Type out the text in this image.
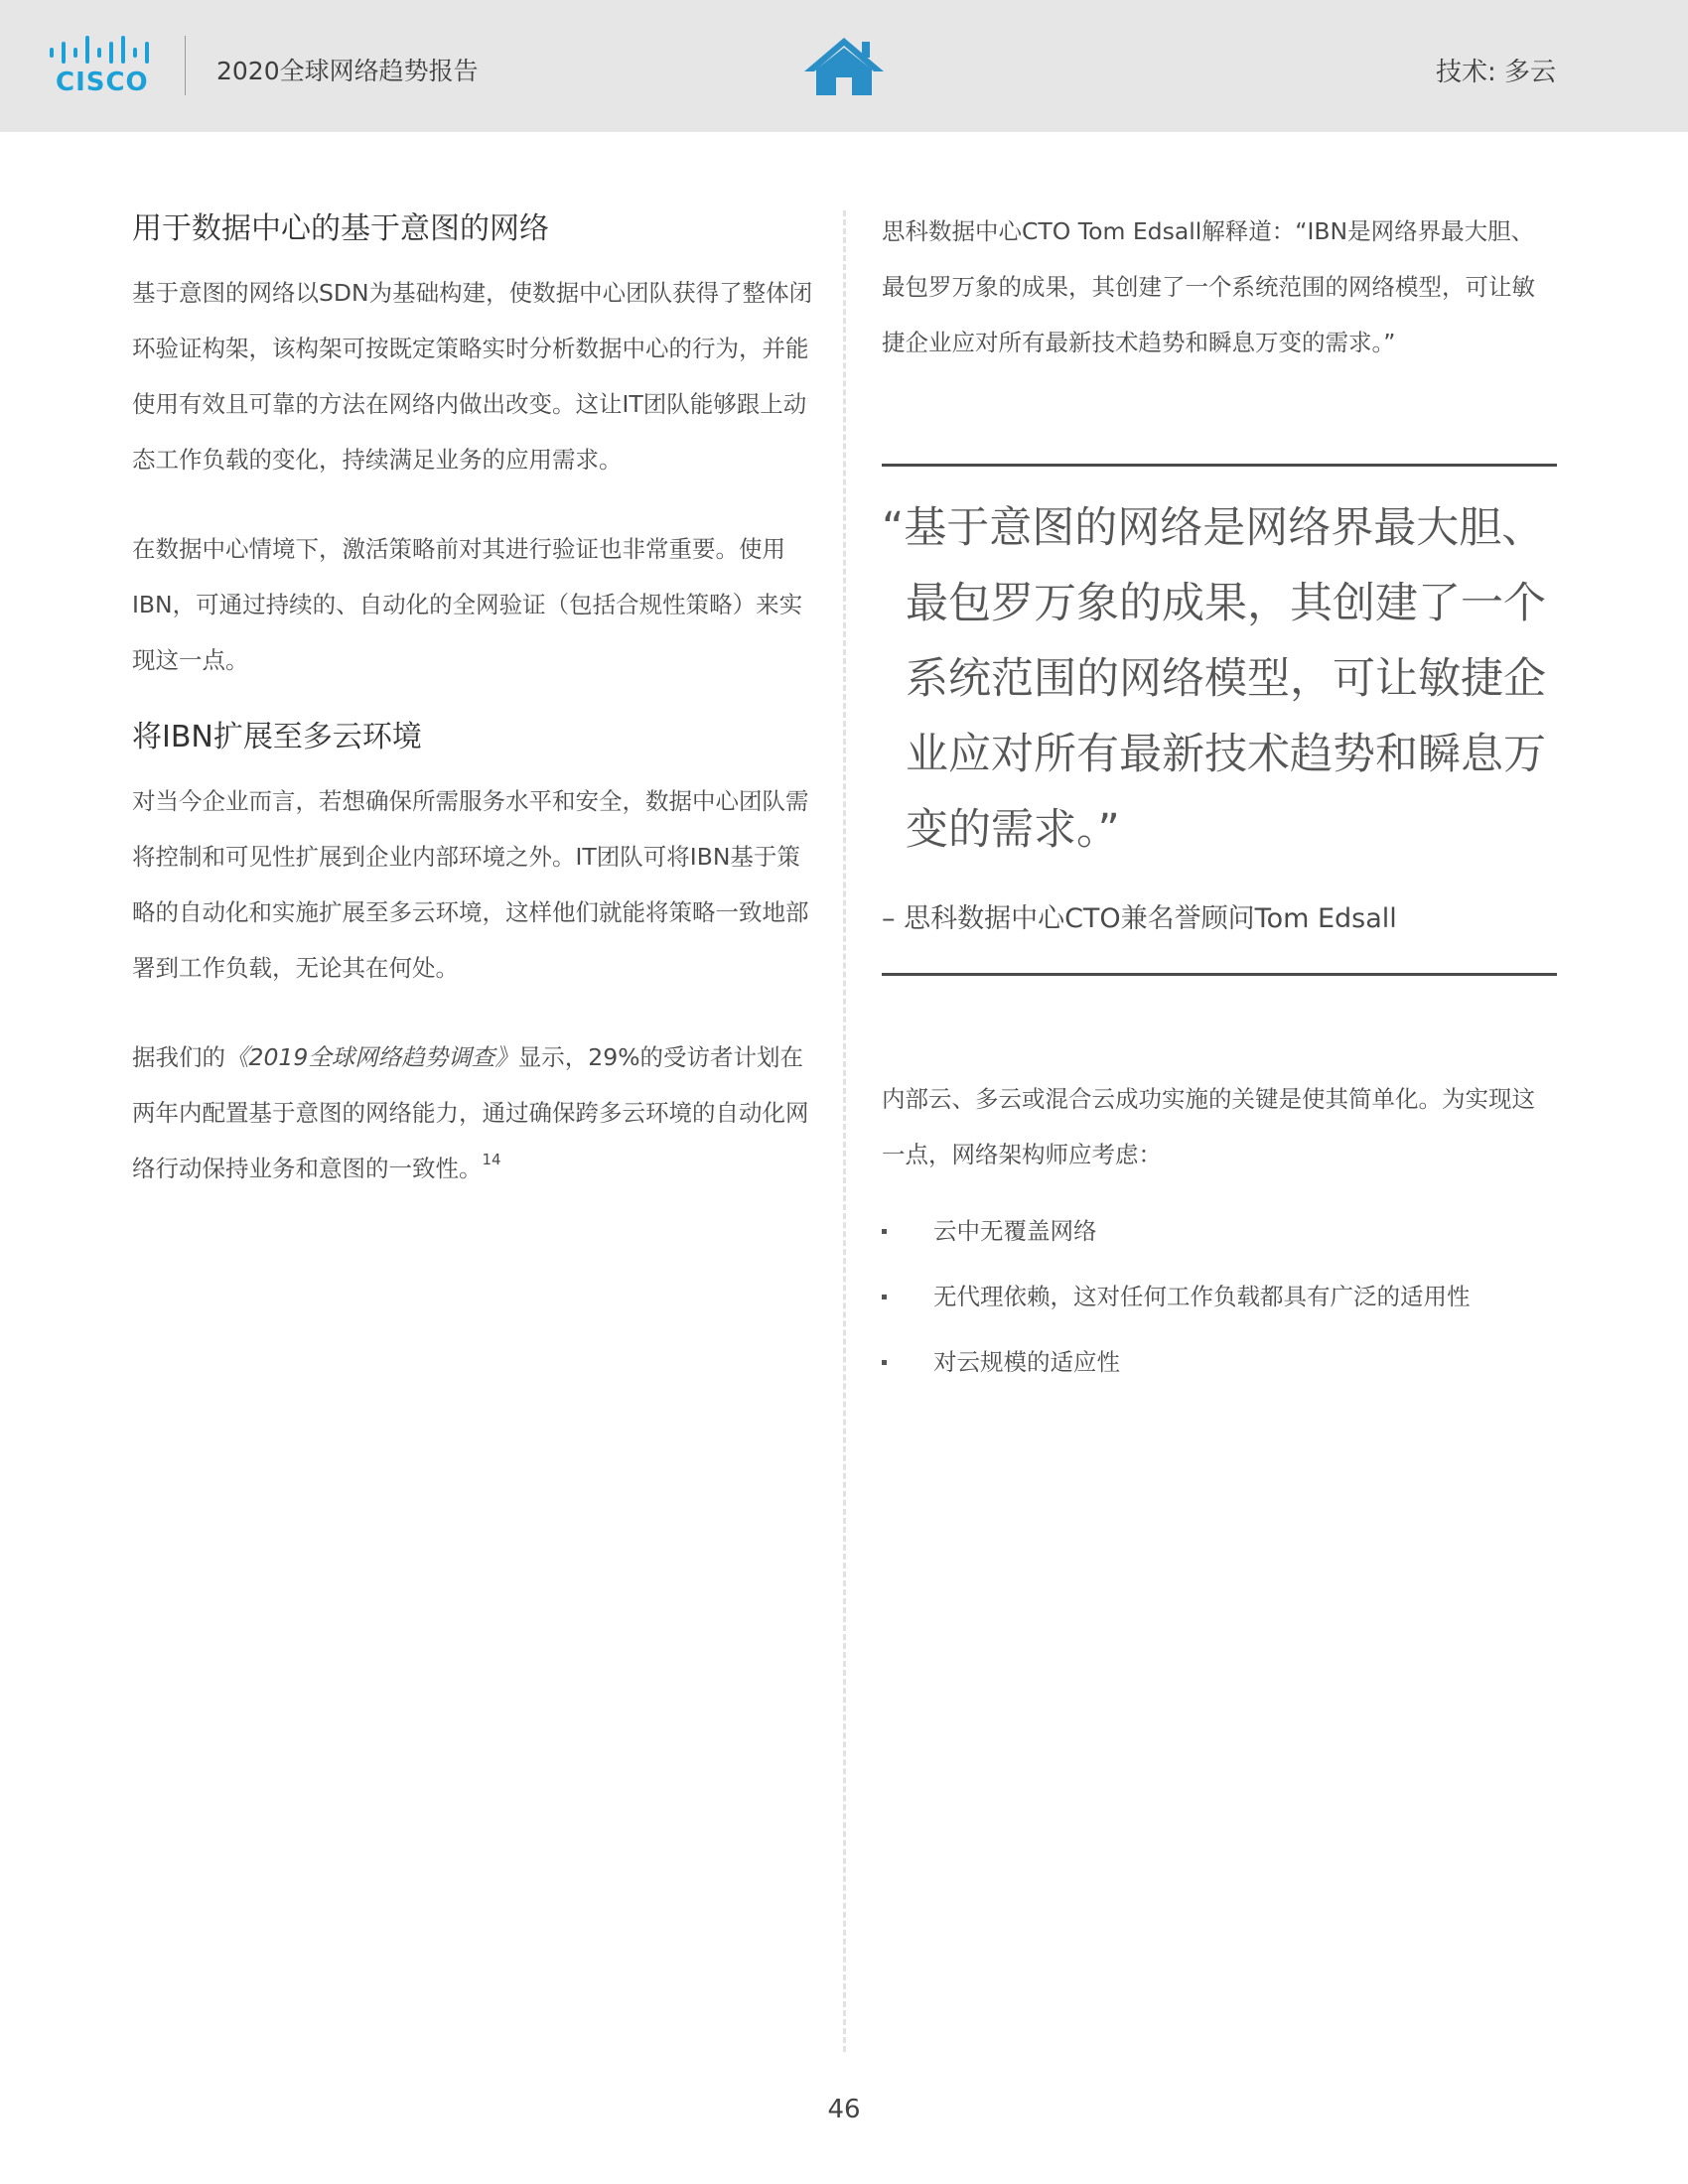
CISCO	2020全球网络趋势报告	技术: 多云
用于数据中心的基于意图的网络

基于意图的网络以SDN为基础构建，使数据中心团队获得了整体闭环验证构架，该构架可按既定策略实时分析数据中心的行为，并能使用有效且可靠的方法在网络内做出改变。这让IT团队能够跟上动态工作负载的变化，持续满足业务的应用需求。

在数据中心情境下，激活策略前对其进行验证也非常重要。使用IBN，可通过持续的、自动化的全网验证（包括合规性策略）来实现这一点。

将IBN扩展至多云环境

对当今企业而言，若想确保所需服务水平和安全，数据中心团队需将控制和可见性扩展到企业内部环境之外。IT团队可将IBN基于策略的自动化和实施扩展至多云环境，这样他们就能将策略一致地部署到工作负载，无论其在何处。

据我们的《2019全球网络趋势调查》显示，29%的受访者计划在两年内配置基于意图的网络能力，通过确保跨多云环境的自动化网络行动保持业务和意图的一致性。$^{14}$

思科数据中心CTO Tom Edsall解释道：“IBN是网络界最大胆、最包罗万象的成果，其创建了一个系统范围的网络模型，可让敏捷企业应对所有最新技术趋势和瞬息万变的需求。”

“基于意图的网络是网络界最大胆、最包罗万象的成果，其创建了一个系统范围的网络模型，可让敏捷企业应对所有最新技术趋势和瞬息万变的需求。”

– 思科数据中心CTO兼名誉顾问Tom Edsall

内部云、多云或混合云成功实施的关键是使其简单化。为实现这一点，网络架构师应考虑：

云中无覆盖网络
无代理依赖，这对任何工作负载都具有广泛的适用性
对云规模的适应性
46
